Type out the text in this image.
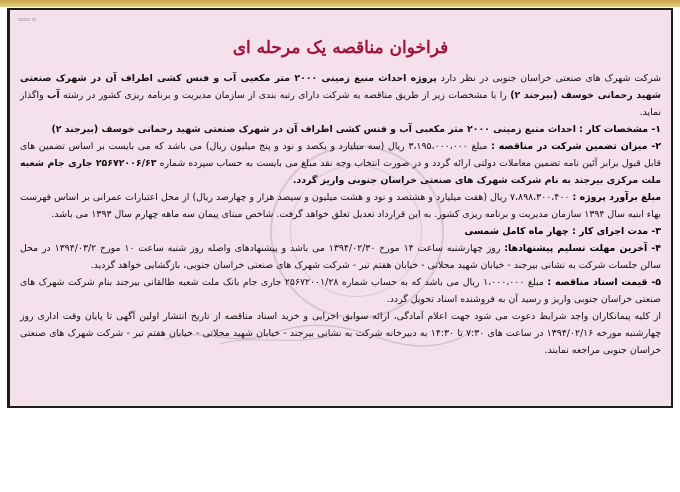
▫▫▫ ▫
فراخوان مناقصه یک مرحله ای

شرکت شهرک های صنعتی خراسان جنوبی در نظر دارد پروژه احداث منبع زمینی ۲۰۰۰ متر مکعبی آب و فنس کشی اطراف آن در شهرک صنعتی شهید رحمانی خوسف (بیرجند ۲) را با مشخصات زیر از طریق مناقصه به شرکت دارای رتبه بندی از سازمان مدیریت و برنامه ریزی کشور در رشته آب واگذار نماید.

۱- مشخصات کار : احداث منبع زمینی ۲۰۰۰ متر مکعبی آب و فنس کشی اطراف آن در شهرک صنعتی شهید رحمانی خوسف (بیرجند ۲)

۲- میزان تضمین شرکت در مناقصه : مبلغ ۳،۱۹۵،۰۰۰،۰۰۰ ریال (سه میلیارد و یکصد و نود و پنج میلیون ریال) می باشد که می بایست بر اساس تضمین های قابل قبول برابر آئین نامه تضمین معاملات دولتی ارائه گردد و در صورت انتخاب وجه نقد مبلغ می بایست به حساب سپرده شماره ۲۵۶۷۲۰۰۶/۶۳ جاری جام شعبه ملت مرکزی بیرجند به نام شرکت شهرک های صنعتی خراسان جنوبی واریز گردد.

مبلغ برآورد پروژه : ۷،۸۹۸،۳۰۰،۴۰۰ ریال (هفت میلیارد و هشتصد و نود و هشت میلیون و سیصد هزار و چهارصد ریال) از محل اعتبارات عمرانی بر اساس فهرست بهاء ابنیه سال ۱۳۹۴ سازمان مدیریت و برنامه ریزی کشور. به این قرارداد تعدیل تعلق خواهد گرفت. شاخص مبنای پیمان سه ماهه چهارم سال ۱۳۹۳ می باشد.

۳- مدت اجرای کار : چهار ماه کامل شمسی

۴- آخرین مهلت تسلیم پیشنهادها: روز چهارشنبه ساعت ۱۴ مورخ ۱۳۹۴/۰۲/۳۰ می باشد و پیشنهادهای واصله روز شنبه ساعت ۱۰ مورخ ۱۳۹۴/۰۳/۲ در محل سالن جلسات شرکت به نشانی بیرجند - خیابان شهید محلاتی - خیابان هفتم تیر - شرکت شهرک های صنعتی خراسان جنوبی، بازگشایی خواهد گردید.

۵- قیمت اسناد مناقصه : مبلغ ۱،۰۰۰،۰۰۰ ریال می باشد که به حساب شماره ۲۵۶۷۲۰۰۱/۲۸ جاری جام بانک ملت شعبه طالقانی بیرجند بنام شرکت شهرک های صنعتی خراسان جنوبی واریز و رسید آن به فروشنده اسناد تحویل گردد.

از کلیه پیمانکاران واجد شرایط دعوت می شود جهت اعلام آمادگی، ارائه سوابق اجرایی و خرید اسناد مناقصه از تاریخ انتشار اولین آگهی تا پایان وقت اداری روز چهارشنبه مورخه ۱۳۹۴/۰۲/۱۶ در ساعت های ۷:۳۰ تا ۱۴:۳۰ به دبیرخانه شرکت به نشانی بیرجند - خیابان شهید محلاتی - خیابان هفتم تیر - شرکت شهرک های صنعتی خراسان جنوبی مراجعه نمایند.
